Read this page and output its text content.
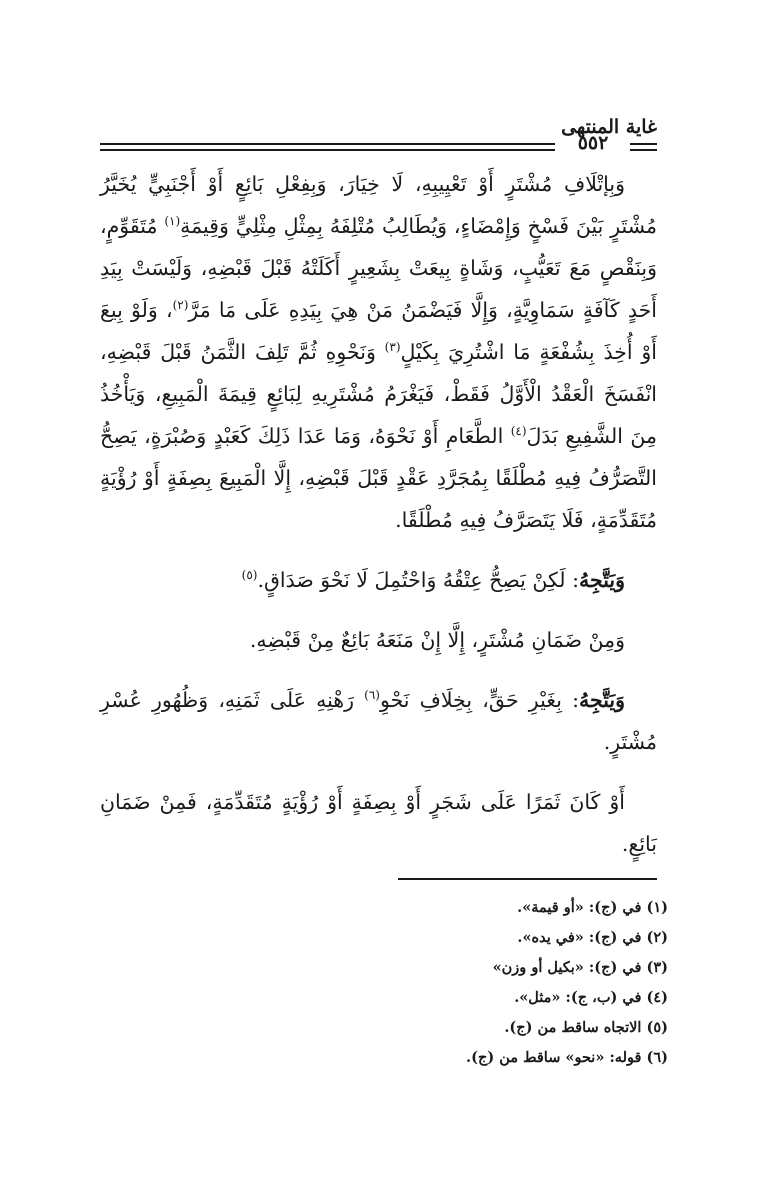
غاية المنتهى
٥٥٢

وَبِإتْلَافِ مُشْتَرٍ أَوْ تَعْيِيبِهِ، لَا خِيَارَ، وَبِفِعْلِ بَائِعٍ أَوْ أَجْنَبِيٍّ يُخَيَّرُ مُشْتَرٍ بَيْنَ فَسْخٍ وَإِمْضَاءٍ، وَيُطَالِبُ مُتْلِفَهُ بِمِثْلِ مِثْلِيٍّ وَقِيمَةِ$^{(١)}$ مُتَقَوِّمٍ، وَبِنَقْصٍ مَعَ تَعَيُّبٍ، وَشَاةٍ بِيعَتْ بِشَعِيرٍ أَكَلَتْهُ قَبْلَ قَبْضِهِ، وَلَيْسَتْ بِيَدِ أَحَدٍ كَآفَةٍ سَمَاوِيَّةٍ، وَإِلَّا فَيَضْمَنُ مَنْ هِيَ بِيَدِهِ عَلَى مَا مَرَّ$^{(٢)}$، وَلَوْ بِيعَ أَوْ أُخِذَ بِشُفْعَةٍ مَا اشْتُرِيَ بِكَيْلٍ$^{(٣)}$ وَنَحْوِهِ ثُمَّ تَلِفَ الثَّمَنُ قَبْلَ قَبْضِهِ، انْفَسَخَ الْعَقْدُ الْأَوَّلُ فَقَطْ، فَيَغْرَمُ مُشْتَرِيهِ لِبَائِعٍ قِيمَةَ الْمَبِيعِ، وَيَأْخُذُ مِنَ الشَّفِيعِ بَدَلَ$^{(٤)}$ الطَّعَامِ أَوْ نَحْوَهُ، وَمَا عَدَا ذَلِكَ كَعَبْدٍ وَصُبْرَةٍ، يَصِحُّ التَّصَرُّفُ فِيهِ مُطْلَقًا بِمُجَرَّدِ عَقْدٍ قَبْلَ قَبْضِهِ، إِلَّا الْمَبِيعَ بِصِفَةٍ أَوْ رُؤْيَةٍ مُتَقَدِّمَةٍ، فَلَا يَتَصَرَّفُ فِيهِ مُطْلَقًا.

وَيَتَّجِهُ: لَكِنْ يَصِحُّ عِتْقُهُ وَاحْتُمِلَ لَا نَحْوَ صَدَاقٍ.$^{(٥)}$

وَمِنْ ضَمَانِ مُشْتَرٍ، إِلَّا إِنْ مَنَعَهُ بَائِعٌ مِنْ قَبْضِهِ.

وَيَتَّجِهُ: بِغَيْرِ حَقٍّ، بِخِلَافِ نَحْوِ$^{(٦)}$ رَهْنِهِ عَلَى ثَمَنِهِ، وَظُهُورِ عُسْرِ مُشْتَرٍ.

أَوْ كَانَ ثَمَرًا عَلَى شَجَرٍ أَوْ بِصِفَةٍ أَوْ رُؤْيَةٍ مُتَقَدِّمَةٍ، فَمِنْ ضَمَانِ بَائِعٍ.

(١) في (ج): «أو قيمة».

(٢) في (ج): «في يده».

(٣) في (ج): «بكيل أو وزن»

(٤) في (ب، ج): «مثل».

(٥) الاتجاه ساقط من (ج).

(٦) قوله: «نحو» ساقط من (ج).
